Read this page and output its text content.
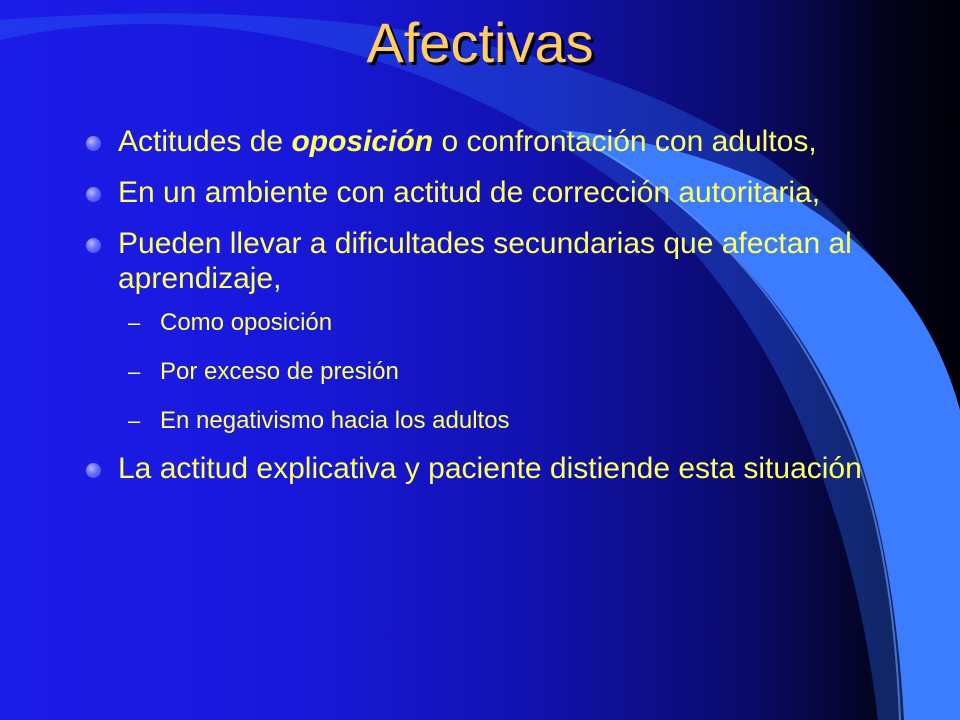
Afectivas
Actitudes de oposición o confrontación con adultos,
En un ambiente con actitud de corrección autoritaria,
Pueden llevar a dificultades secundarias que afectan al aprendizaje,
– Como oposición
– Por exceso de presión
– En negativismo hacia los adultos
La actitud explicativa y paciente distiende esta situación
